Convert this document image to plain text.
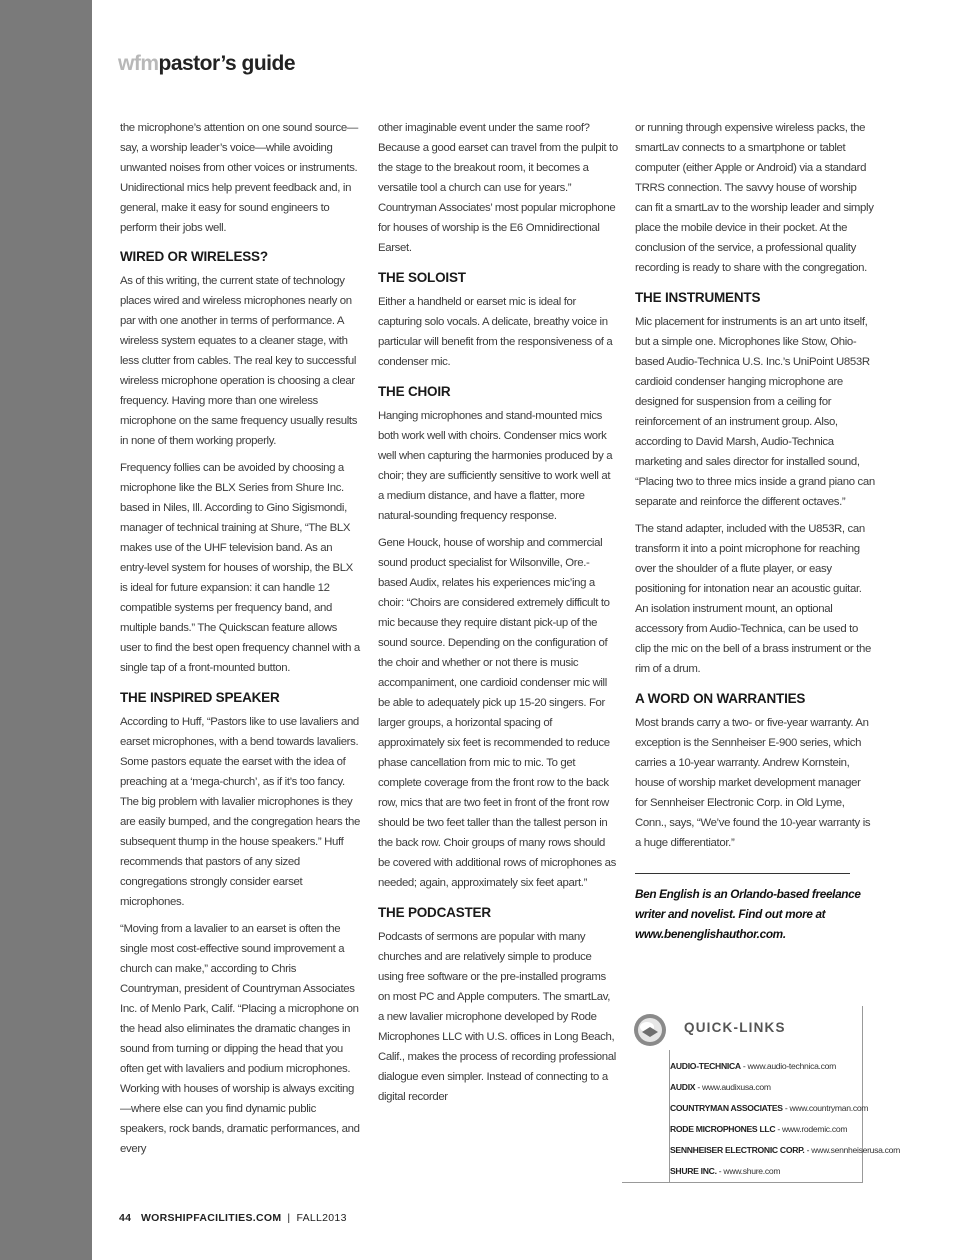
wfmpastor’s guide

the microphone’s attention on one sound source—say, a worship leader’s voice—while avoiding unwanted noises from other voices or instruments. Unidirectional mics help prevent feedback and, in general, make it easy for sound engineers to perform their jobs well.

WIRED OR WIRELESS?

As of this writing, the current state of technology places wired and wireless microphones nearly on par with one another in terms of performance. A wireless system equates to a cleaner stage, with less clutter from cables. The real key to successful wireless microphone operation is choosing a clear frequency. Having more than one wireless microphone on the same frequency usually results in none of them working properly.

Frequency follies can be avoided by choosing a microphone like the BLX Series from Shure Inc. based in Niles, Ill. According to Gino Sigismondi, manager of technical training at Shure, “The BLX makes use of the UHF television band. As an entry-level system for houses of worship, the BLX is ideal for future expansion: it can handle 12 compatible systems per frequency band, and multiple bands.” The Quickscan feature allows user to find the best open frequency channel with a single tap of a front-mounted button.

THE INSPIRED SPEAKER

According to Huff, “Pastors like to use lavaliers and earset microphones, with a bend towards lavaliers. Some pastors equate the earset with the idea of preaching at a ‘mega-church’, as if it’s too fancy. The big problem with lavalier microphones is they are easily bumped, and the congregation hears the subsequent thump in the house speakers.” Huff recommends that pastors of any sized congregations strongly consider earset microphones.

“Moving from a lavalier to an earset is often the single most cost-effective sound improvement a church can make,” according to Chris Countryman, president of Countryman Associates Inc. of Menlo Park, Calif. “Placing a microphone on the head also eliminates the dramatic changes in sound from turning or dipping the head that you often get with lavaliers and podium microphones. Working with houses of worship is always exciting—where else can you find dynamic public speakers, rock bands, dramatic performances, and every

other imaginable event under the same roof? Because a good earset can travel from the pulpit to the stage to the breakout room, it becomes a versatile tool a church can use for years.” Countryman Associates’ most popular microphone for houses of worship is the E6 Omnidirectional Earset.

THE SOLOIST

Either a handheld or earset mic is ideal for capturing solo vocals. A delicate, breathy voice in particular will benefit from the responsiveness of a condenser mic.

THE CHOIR

Hanging microphones and stand-mounted mics both work well with choirs. Condenser mics work well when capturing the harmonies produced by a choir; they are sufficiently sensitive to work well at a medium distance, and have a flatter, more natural-sounding frequency response.

Gene Houck, house of worship and commercial sound product specialist for Wilsonville, Ore.-based Audix, relates his experiences mic’ing a choir: “Choirs are considered extremely difficult to mic because they require distant pick-up of the sound source. Depending on the configuration of the choir and whether or not there is music accompaniment, one cardioid condenser mic will be able to adequately pick up 15-20 singers. For larger groups, a horizontal spacing of approximately six feet is recommended to reduce phase cancellation from mic to mic. To get complete coverage from the front row to the back row, mics that are two feet in front of the front row should be two feet taller than the tallest person in the back row. Choir groups of many rows should be covered with additional rows of microphones as needed; again, approximately six feet apart.”

THE PODCASTER

Podcasts of sermons are popular with many churches and are relatively simple to produce using free software or the pre-installed programs on most PC and Apple computers. The smartLav, a new lavalier microphone developed by Rode Microphones LLC with U.S. offices in Long Beach, Calif., makes the process of recording professional dialogue even simpler. Instead of connecting to a digital recorder

or running through expensive wireless packs, the smartLav connects to a smartphone or tablet computer (either Apple or Android) via a standard TRRS connection. The savvy house of worship can fit a smartLav to the worship leader and simply place the mobile device in their pocket. At the conclusion of the service, a professional quality recording is ready to share with the congregation.

THE INSTRUMENTS

Mic placement for instruments is an art unto itself, but a simple one. Microphones like Stow, Ohio-based Audio-Technica U.S. Inc.’s UniPoint U853R cardioid condenser hanging microphone are designed for suspension from a ceiling for reinforcement of an instrument group. Also, according to David Marsh, Audio-Technica marketing and sales director for installed sound, “Placing two to three mics inside a grand piano can separate and reinforce the different octaves.”

The stand adapter, included with the U853R, can transform it into a point microphone for reaching over the shoulder of a flute player, or easy positioning for intonation near an acoustic guitar. An isolation instrument mount, an optional accessory from Audio-Technica, can be used to clip the mic on the bell of a brass instrument or the rim of a drum.

A WORD ON WARRANTIES

Most brands carry a two- or five-year warranty. An exception is the Sennheiser E-900 series, which carries a 10-year warranty. Andrew Kornstein, house of worship market development manager for Sennheiser Electronic Corp. in Old Lyme, Conn., says, “We’ve found the 10-year warranty is a huge differentiator.”

Ben English is an Orlando-based freelance writer and novelist. Find out more at www.benenglishauthor.com.

QUICK-LINKS
AUDIO-TECHNICA - www.audio-technica.com
AUDIX - www.audixusa.com
COUNTRYMAN ASSOCIATES - www.countryman.com
RODE MICROPHONES LLC - www.rodemic.com
SENNHEISER ELECTRONIC CORP. - www.sennheiserusa.com
SHURE INC. - www.shure.com
44 WORSHIPFACILITIES.COM | FALL2013
